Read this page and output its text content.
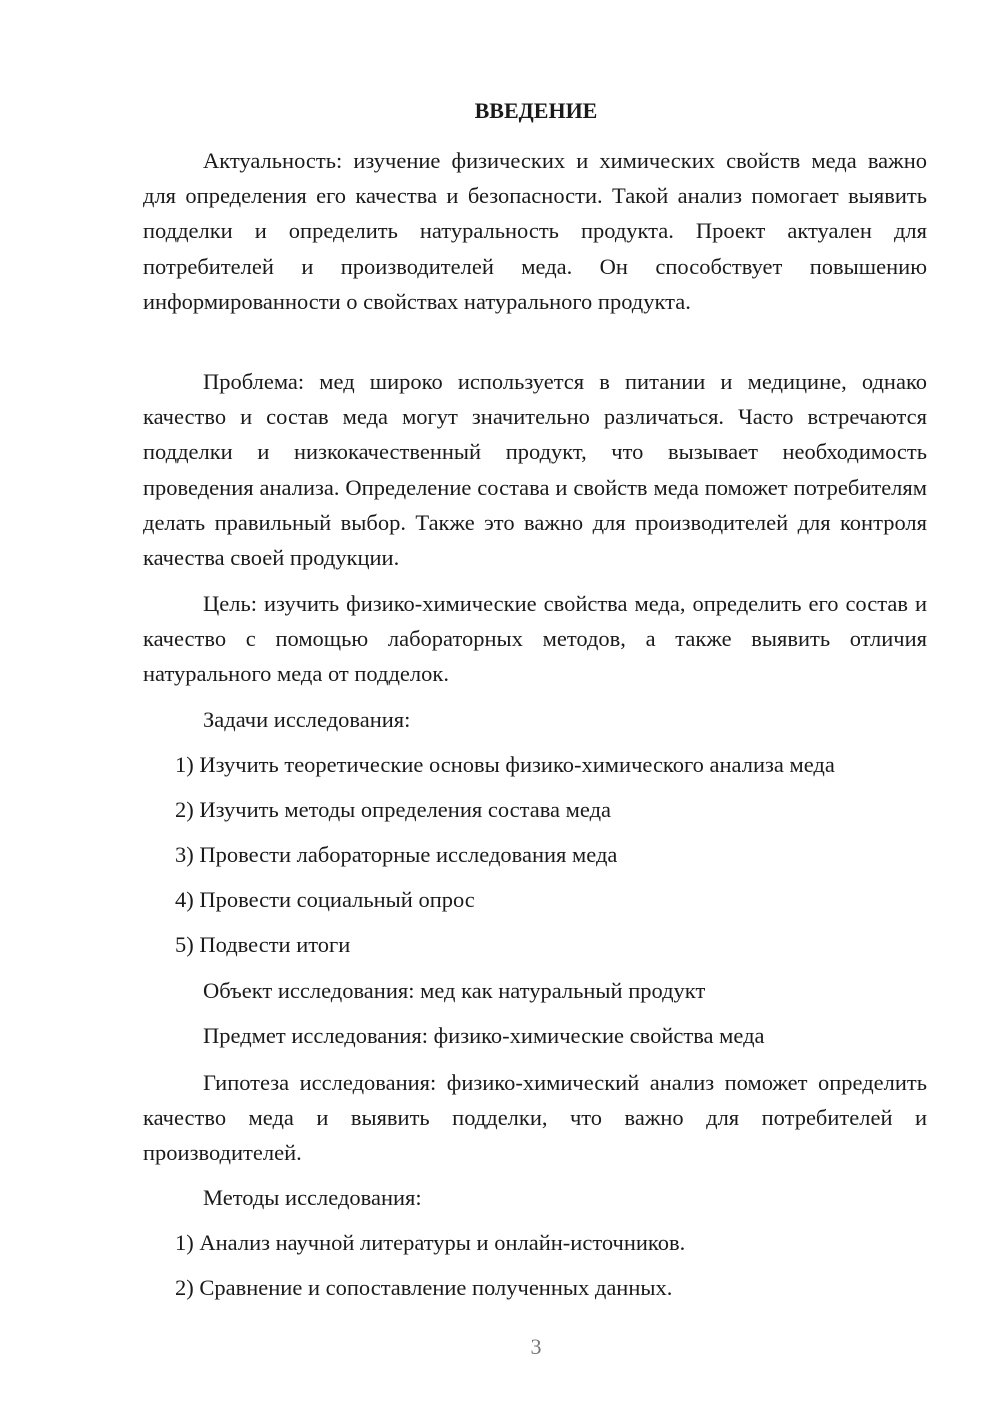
ВВЕДЕНИЕ

Актуальность: изучение физических и химических свойств меда важно для определения его качества и безопасности. Такой анализ помогает выявить подделки и определить натуральность продукта. Проект актуален для потребителей и производителей меда. Он способствует повышению информированности о свойствах натурального продукта.

Проблема: мед широко используется в питании и медицине, однако качество и состав меда могут значительно различаться. Часто встречаются подделки и низкокачественный продукт, что вызывает необходимость проведения анализа. Определение состава и свойств меда поможет потребителям делать правильный выбор. Также это важно для производителей для контроля качества своей продукции.

Цель: изучить физико-химические свойства меда, определить его состав и качество с помощью лабораторных методов, а также выявить отличия натурального меда от подделок.

Задачи исследования:

1) Изучить теоретические основы физико-химического анализа меда

2) Изучить методы определения состава меда

3) Провести лабораторные исследования меда

4) Провести социальный опрос

5) Подвести итоги

Объект исследования: мед как натуральный продукт

Предмет исследования: физико-химические свойства меда

Гипотеза исследования: физико-химический анализ поможет определить качество меда и выявить подделки, что важно для потребителей и производителей.

Методы исследования:

1) Анализ научной литературы и онлайн-источников.

2) Сравнение и сопоставление полученных данных.

3
